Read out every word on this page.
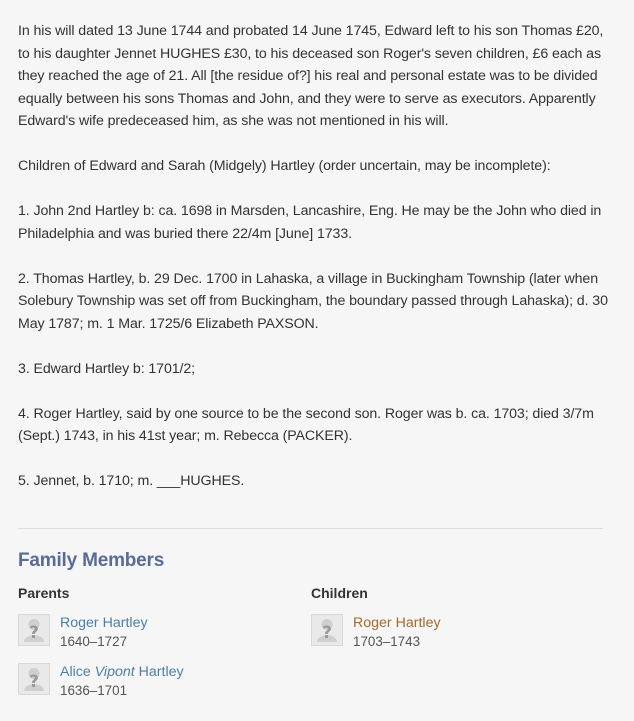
In his will dated 13 June 1744 and probated 14 June 1745, Edward left to his son Thomas £20, to his daughter Jennet HUGHES £30, to his deceased son Roger's seven children, £6 each as they reached the age of 21. All [the residue of?] his real and personal estate was to be divided equally between his sons Thomas and John, and they were to serve as executors. Apparently Edward's wife predeceased him, as she was not mentioned in his will.

Children of Edward and Sarah (Midgely) Hartley (order uncertain, may be incomplete):

1. John 2nd Hartley b: ca. 1698 in Marsden, Lancashire, Eng. He may be the John who died in Philadelphia and was buried there 22/4m [June] 1733.

2. Thomas Hartley, b. 29 Dec. 1700 in Lahaska, a village in Buckingham Township (later when Solebury Township was set off from Buckingham, the boundary passed through Lahaska); d. 30 May 1787; m. 1 Mar. 1725/6 Elizabeth PAXSON.

3. Edward Hartley b: 1701/2;

4. Roger Hartley, said by one source to be the second son. Roger was b. ca. 1703; died 3/7m (Sept.) 1743, in his 41st year; m. Rebecca (PACKER).

5. Jennet, b. 1710; m. ___HUGHES.

Family Members
Parents	Children
? Roger Hartley
1640–1727
? Alice Vipont Hartley
1636–1701
? Roger Hartley
1703–1743
